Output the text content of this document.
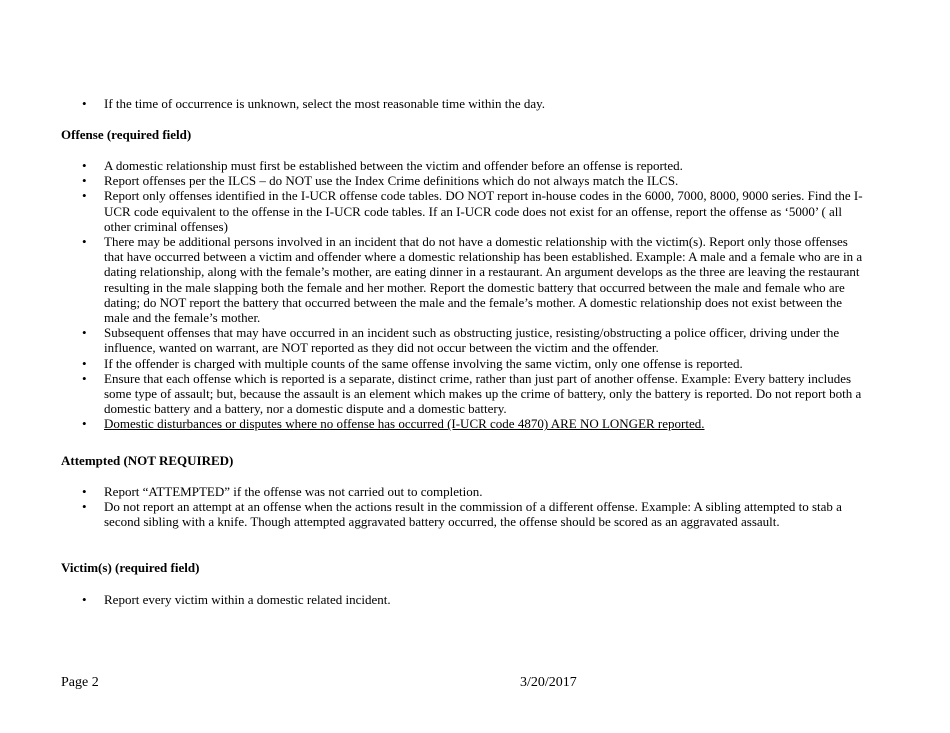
• If the time of occurrence is unknown, select the most reasonable time within the day.

Offense (required field)

• A domestic relationship must first be established between the victim and offender before an offense is reported.
• Report offenses per the ILCS – do NOT use the Index Crime definitions which do not always match the ILCS.
• Report only offenses identified in the I-UCR offense code tables. DO NOT report in-house codes in the 6000, 7000, 8000, 9000 series. Find the I-UCR code equivalent to the offense in the I-UCR code tables. If an I-UCR code does not exist for an offense, report the offense as ‘5000’ ( all other criminal offenses)
• There may be additional persons involved in an incident that do not have a domestic relationship with the victim(s). Report only those offenses that have occurred between a victim and offender where a domestic relationship has been established. Example: A male and a female who are in a dating relationship, along with the female’s mother, are eating dinner in a restaurant. An argument develops as the three are leaving the restaurant resulting in the male slapping both the female and her mother. Report the domestic battery that occurred between the male and female who are dating; do NOT report the battery that occurred between the male and the female’s mother. A domestic relationship does not exist between the male and the female’s mother.
• Subsequent offenses that may have occurred in an incident such as obstructing justice, resisting/obstructing a police officer, driving under the influence, wanted on warrant, are NOT reported as they did not occur between the victim and the offender.
• If the offender is charged with multiple counts of the same offense involving the same victim, only one offense is reported.
• Ensure that each offense which is reported is a separate, distinct crime, rather than just part of another offense. Example: Every battery includes some type of assault; but, because the assault is an element which makes up the crime of battery, only the battery is reported. Do not report both a domestic battery and a battery, nor a domestic dispute and a domestic battery.
• Domestic disturbances or disputes where no offense has occurred (I-UCR code 4870) ARE NO LONGER reported.

Attempted (NOT REQUIRED)

• Report “ATTEMPTED” if the offense was not carried out to completion.
• Do not report an attempt at an offense when the actions result in the commission of a different offense. Example: A sibling attempted to stab a second sibling with a knife. Though attempted aggravated battery occurred, the offense should be scored as an aggravated assault.

Victim(s) (required field)

• Report every victim within a domestic related incident.
Page 2	3/20/2017
